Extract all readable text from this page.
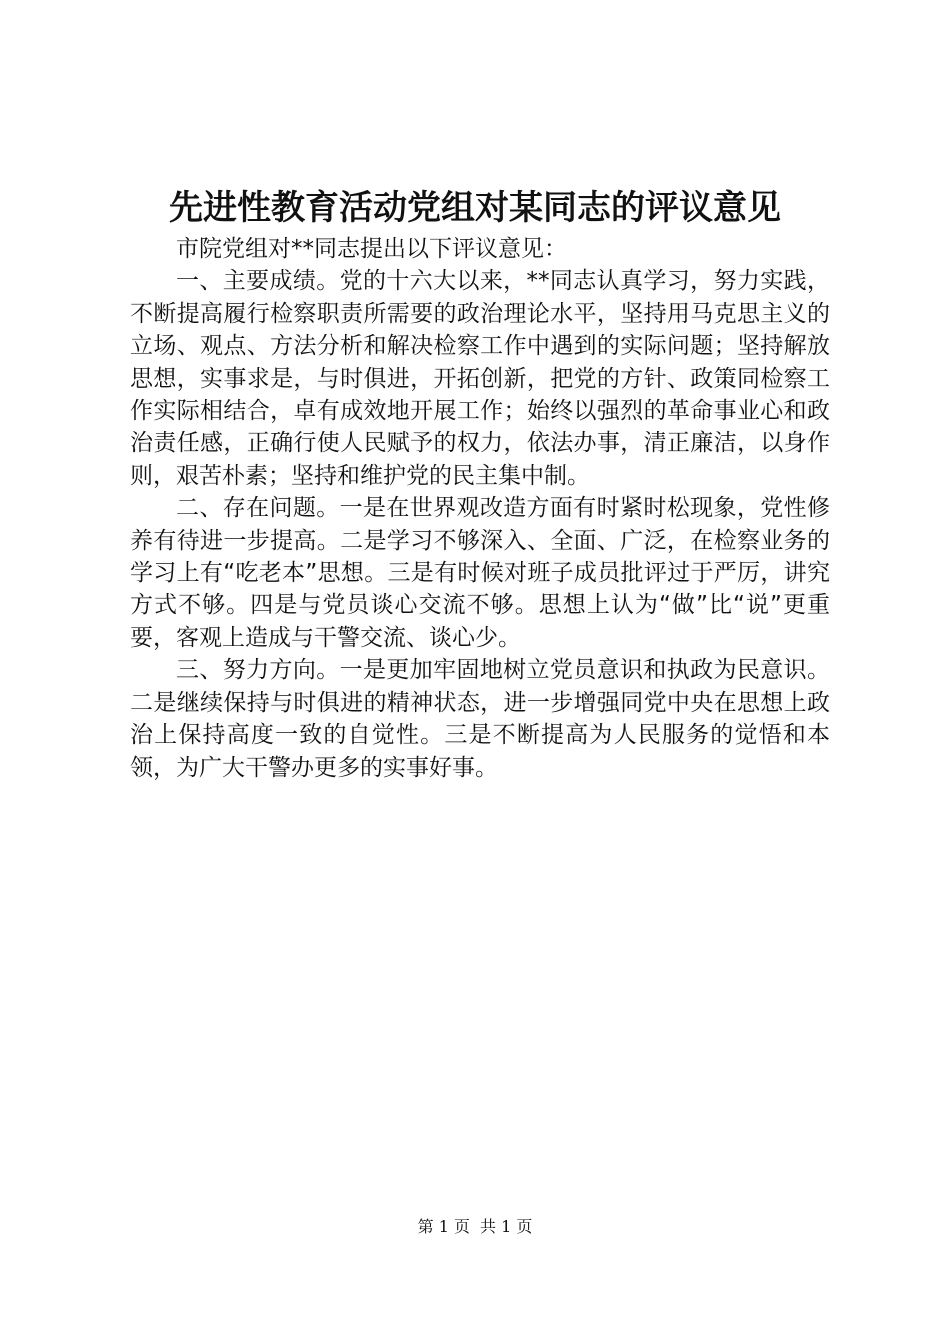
先进性教育活动党组对某同志的评议意见

市院党组对**同志提出以下评议意见：

一、主要成绩。党的十六大以来，**同志认真学习，努力实践，不断提高履行检察职责所需要的政治理论水平，坚持用马克思主义的立场、观点、方法分析和解决检察工作中遇到的实际问题；坚持解放思想，实事求是，与时俱进，开拓创新，把党的方针、政策同检察工作实际相结合，卓有成效地开展工作；始终以强烈的革命事业心和政治责任感，正确行使人民赋予的权力，依法办事，清正廉洁，以身作则，艰苦朴素；坚持和维护党的民主集中制。

二、存在问题。一是在世界观改造方面有时紧时松现象，党性修养有待进一步提高。二是学习不够深入、全面、广泛，在检察业务的学习上有“吃老本”思想。三是有时候对班子成员批评过于严厉，讲究方式不够。四是与党员谈心交流不够。思想上认为“做”比“说”更重要，客观上造成与干警交流、谈心少。

三、努力方向。一是更加牢固地树立党员意识和执政为民意识。二是继续保持与时俱进的精神状态，进一步增强同党中央在思想上政治上保持高度一致的自觉性。三是不断提高为人民服务的觉悟和本领，为广大干警办更多的实事好事。

第 1 页 共 1 页
